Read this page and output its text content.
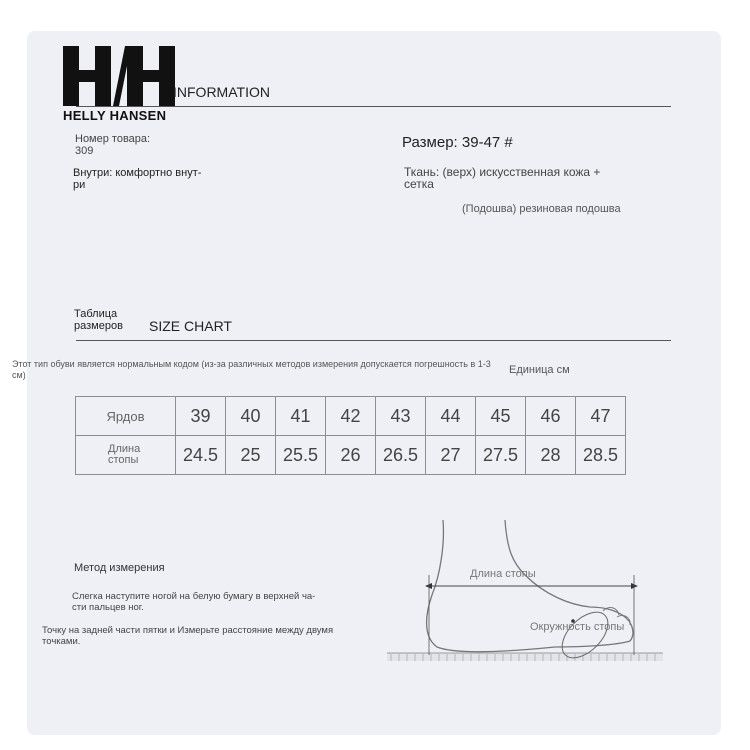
HELLY HANSEN
INFORMATION
Номер товара:
309
Внутри: комфортно внут-
ри
Размер: 39-47 #
Ткань: (верх) искусственная кожа +
сетка
(Подошва) резиновая подошва
Таблица
размеров SIZE CHART
Этот тип обуви является нормальным кодом (из-за различных методов измерения допускается погрешность в 1-3 см)	Единица см
Ярдов	39	40	41	42	43	44	45	46	47

Длина
стопы	24.5	25	25.5	26	26.5	27	27.5	28	28.5
Метод измерения
Слегка наступите ногой на белую бумагу в верхней ча-
сти пальцев ног.
Точку на задней части пятки и Измерьте расстояние между двумя
точками.
Длина стопы
Окружность стопы
